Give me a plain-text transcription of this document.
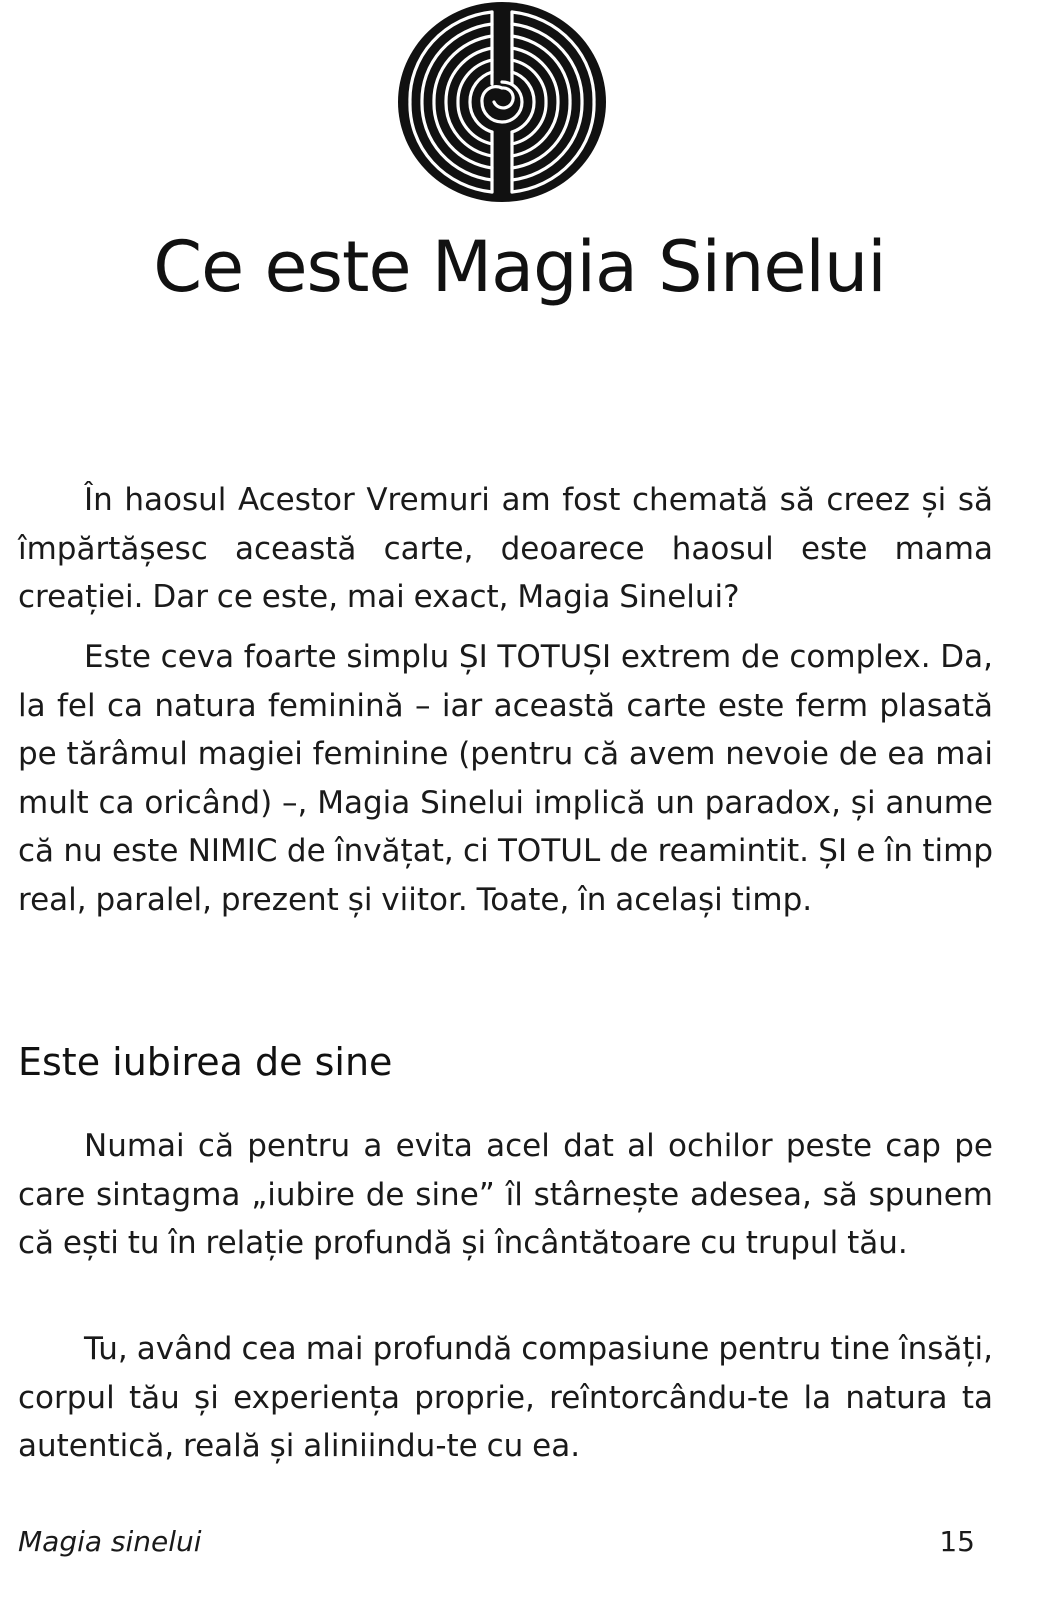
Ce este Magia Sinelui

În haosul Acestor Vremuri am fost chemată să creez și să împărtășesc această carte, deoarece haosul este mama creației. Dar ce este, mai exact, Magia Sinelui?

Este ceva foarte simplu ȘI TOTUȘI extrem de complex. Da, la fel ca natura feminină – iar această carte este ferm plasată pe tărâmul magiei feminine (pentru că avem nevoie de ea mai mult ca oricând) –, Magia Sinelui implică un paradox, și anume că nu este NIMIC de învățat, ci TOTUL de reamintit. ȘI e în timp real, paralel, prezent și viitor. Toate, în același timp.

Este iubirea de sine

Numai că pentru a evita acel dat al ochilor peste cap pe care sintagma „iubire de sine” îl stârnește adesea, să spunem că ești tu în relație profundă și încântătoare cu trupul tău.

Tu, având cea mai profundă compasiune pentru tine însăți, corpul tău și experiența proprie, reîntorcându-te la natura ta autentică, reală și aliniindu-te cu ea.

Magia sinelui	15
